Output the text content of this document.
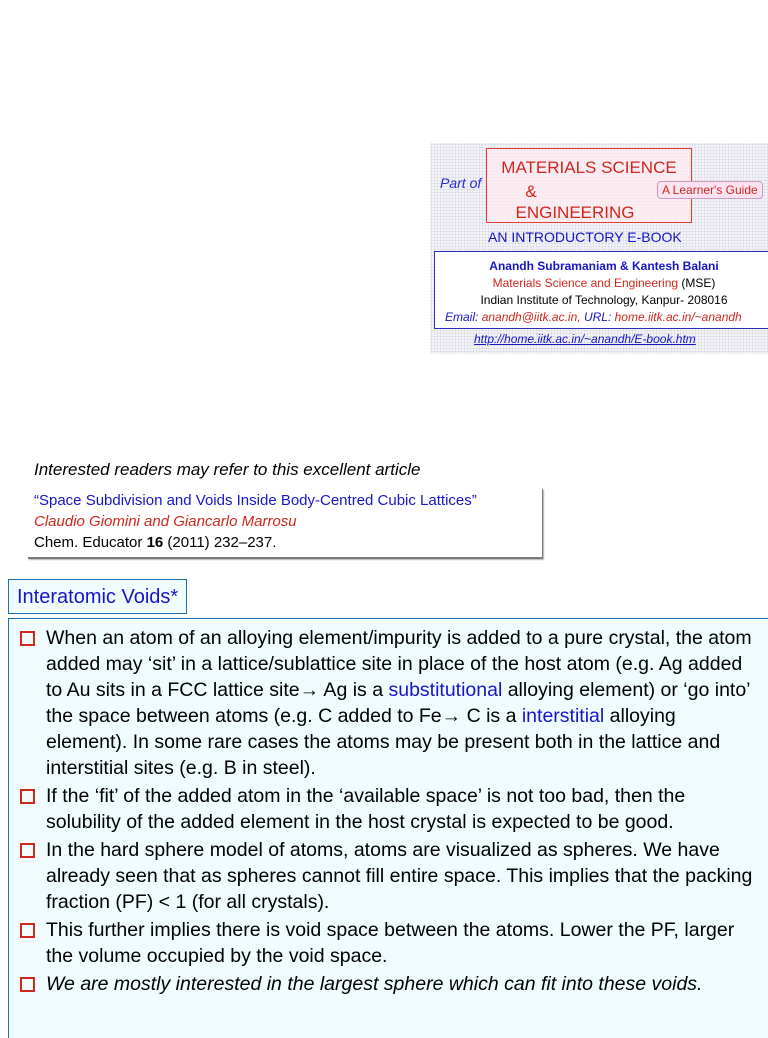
Part of
MATERIALS SCIENCE
&
ENGINEERING
A Learner's Guide
AN INTRODUCTORY E-BOOK
Anandh Subramaniam & Kantesh Balani
Materials Science and Engineering (MSE)
Indian Institute of Technology, Kanpur- 208016
Email: anandh@iitk.ac.in, URL: home.iitk.ac.in/~anandh
http://home.iitk.ac.in/~anandh/E-book.htm
Interested readers may refer to this excellent article
“Space Subdivision and Voids Inside Body-Centred Cubic Lattices”
Claudio Giomini and Giancarlo Marrosu
Chem. Educator 16 (2011) 232–237.
Interatomic Voids*
When an atom of an alloying element/impurity is added to a pure crystal, the atom added may ‘sit’ in a lattice/sublattice site in place of the host atom (e.g. Ag added to Au sits in a FCC lattice site→ Ag is a substitutional alloying element) or ‘go into’ the space between atoms (e.g. C added to Fe→ C is a interstitial alloying element). In some rare cases the atoms may be present both in the lattice and interstitial sites (e.g. B in steel).
If the ‘fit’ of the added atom in the ‘available space’ is not too bad, then the solubility of the added element in the host crystal is expected to be good.
In the hard sphere model of atoms, atoms are visualized as spheres. We have already seen that as spheres cannot fill entire space. This implies that the packing fraction (PF) < 1 (for all crystals).
This further implies there is void space between the atoms. Lower the PF, larger the volume occupied by the void space.
We are mostly interested in the largest sphere which can fit into these voids.
